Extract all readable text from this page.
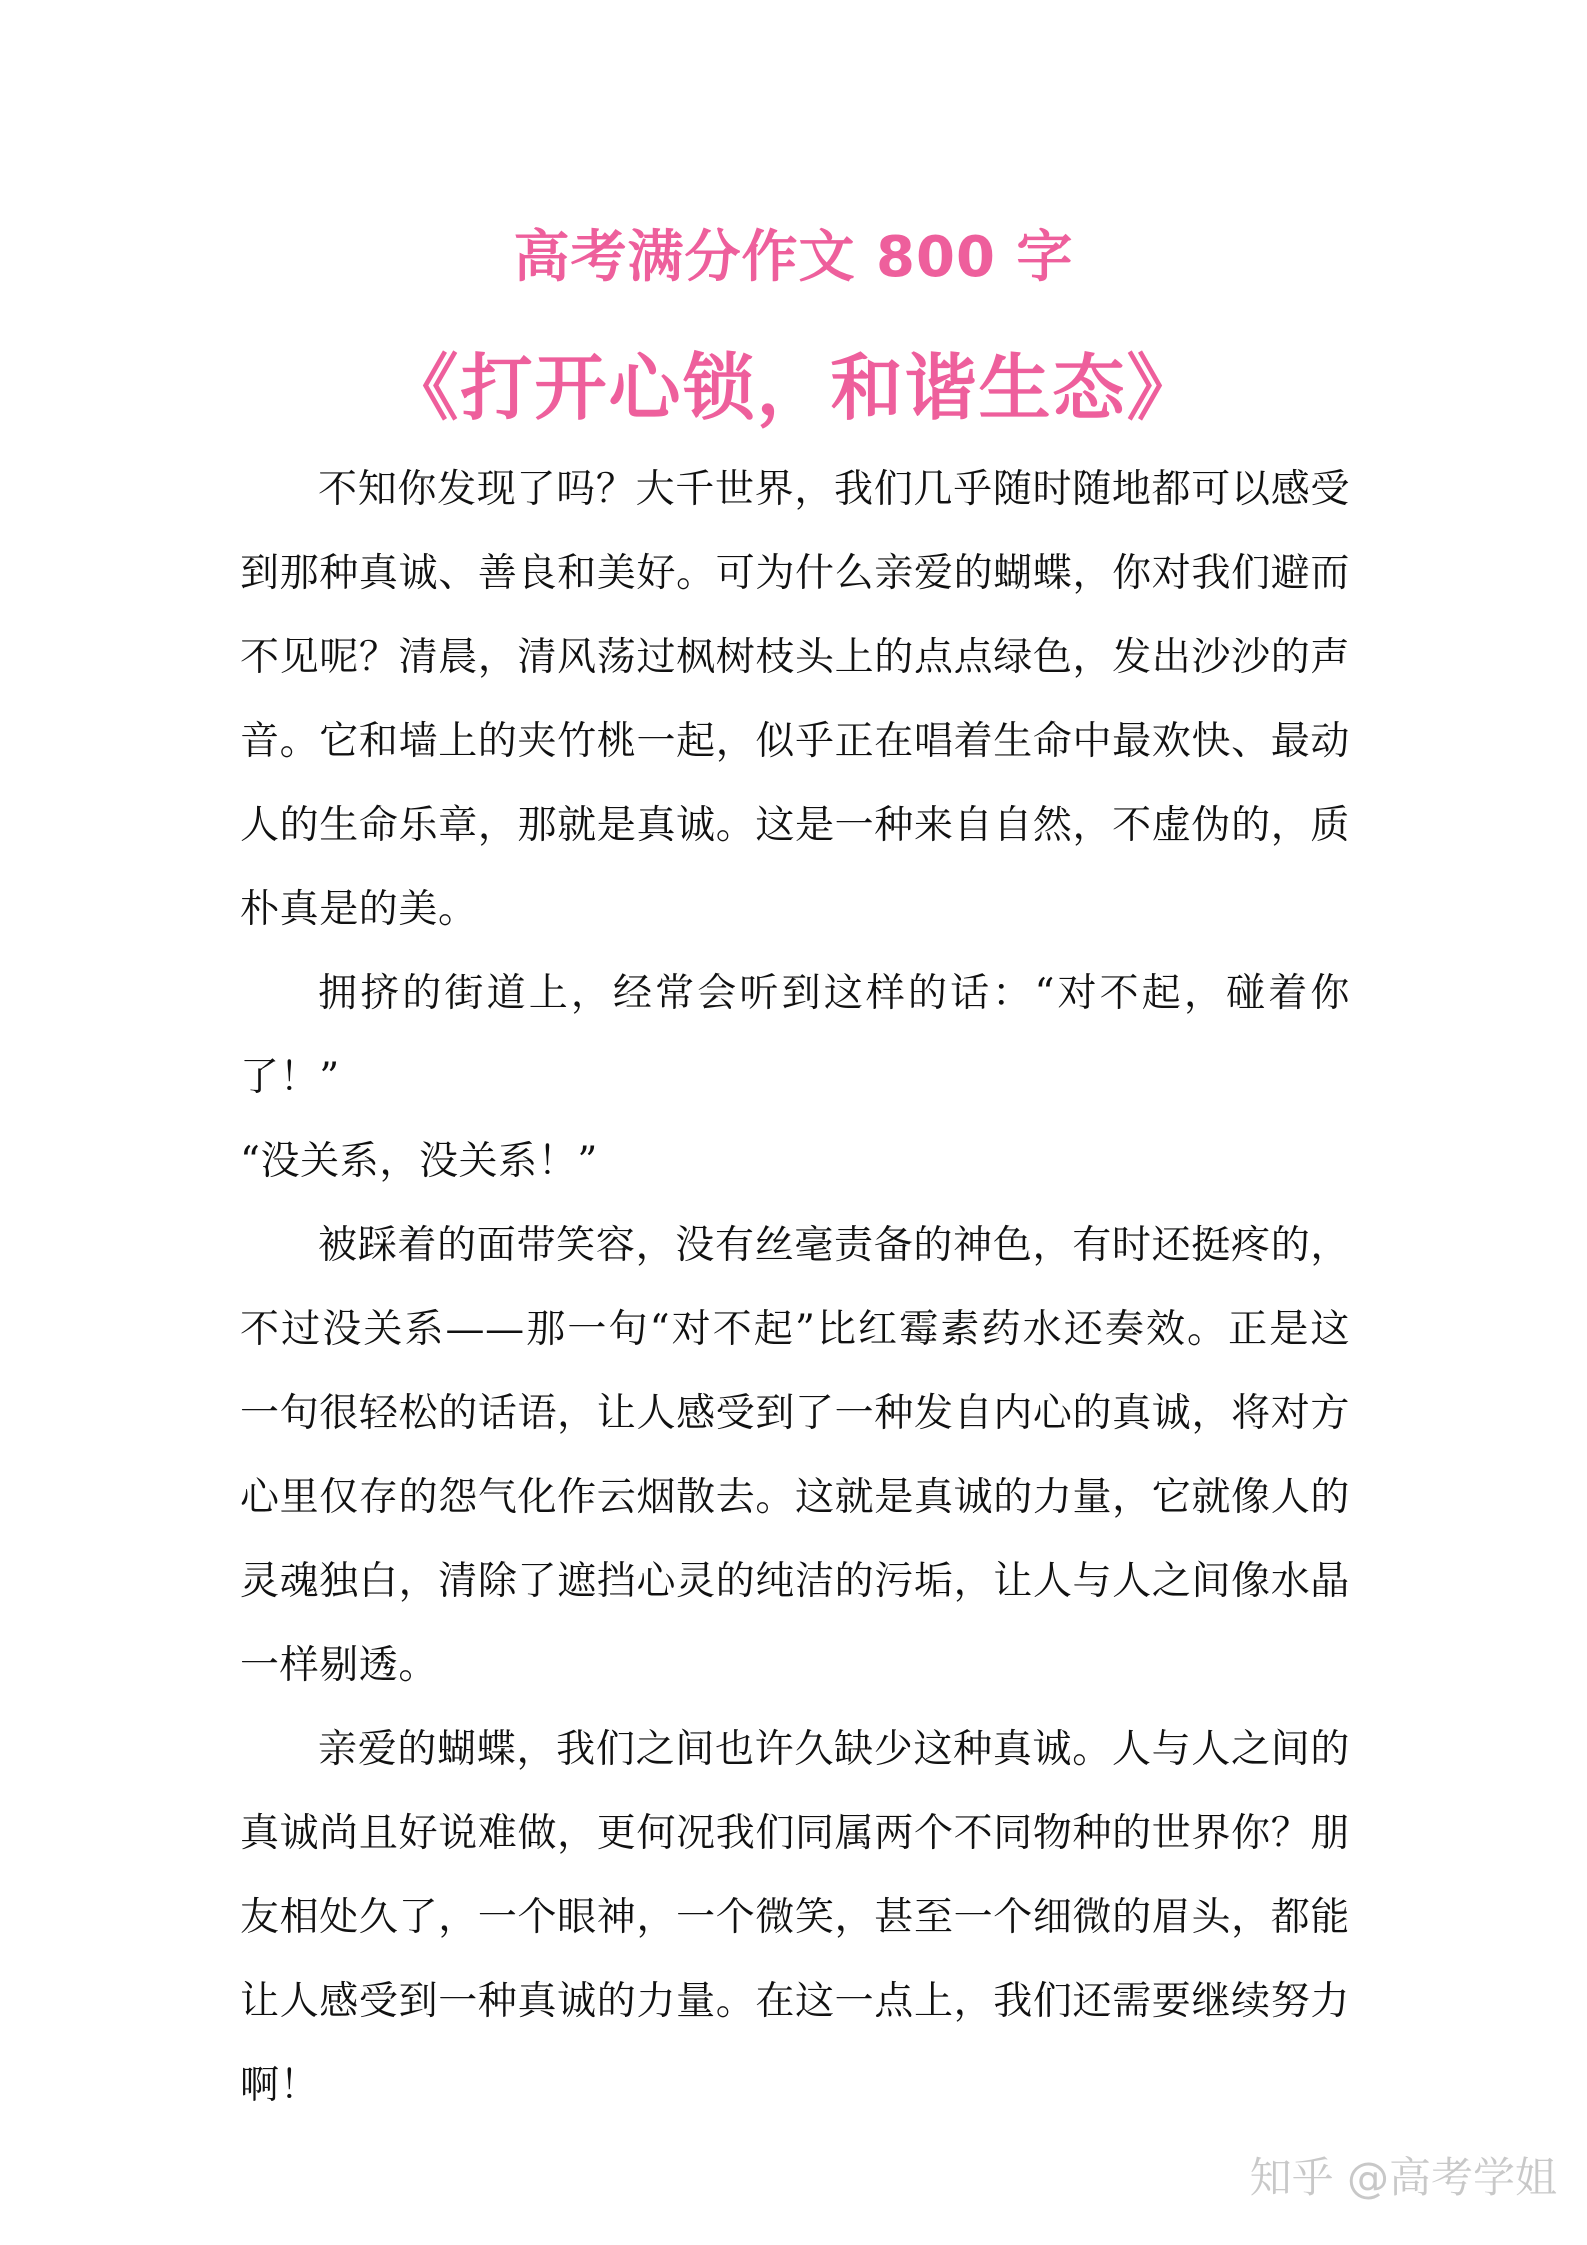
高考满分作文 800 字
《打开心锁，和谐生态》

不知你发现了吗？大千世界，我们几乎随时随地都可以感受到那种真诚、善良和美好。可为什么亲爱的蝴蝶，你对我们避而不见呢？清晨，清风荡过枫树枝头上的点点绿色，发出沙沙的声音。它和墙上的夹竹桃一起，似乎正在唱着生命中最欢快、最动人的生命乐章，那就是真诚。这是一种来自自然，不虚伪的，质朴真是的美。

拥挤的街道上，经常会听到这样的话：“对不起，碰着你了！”

“没关系，没关系！”

被踩着的面带笑容，没有丝毫责备的神色，有时还挺疼的，不过没关系——那一句“对不起”比红霉素药水还奏效。正是这一句很轻松的话语，让人感受到了一种发自内心的真诚，将对方心里仅存的怨气化作云烟散去。这就是真诚的力量，它就像人的灵魂独白，清除了遮挡心灵的纯洁的污垢，让人与人之间像水晶一样剔透。

亲爱的蝴蝶，我们之间也许久缺少这种真诚。人与人之间的真诚尚且好说难做，更何况我们同属两个不同物种的世界你？朋友相处久了，一个眼神，一个微笑，甚至一个细微的眉头，都能让人感受到一种真诚的力量。在这一点上，我们还需要继续努力啊！

知乎 @高考学姐
